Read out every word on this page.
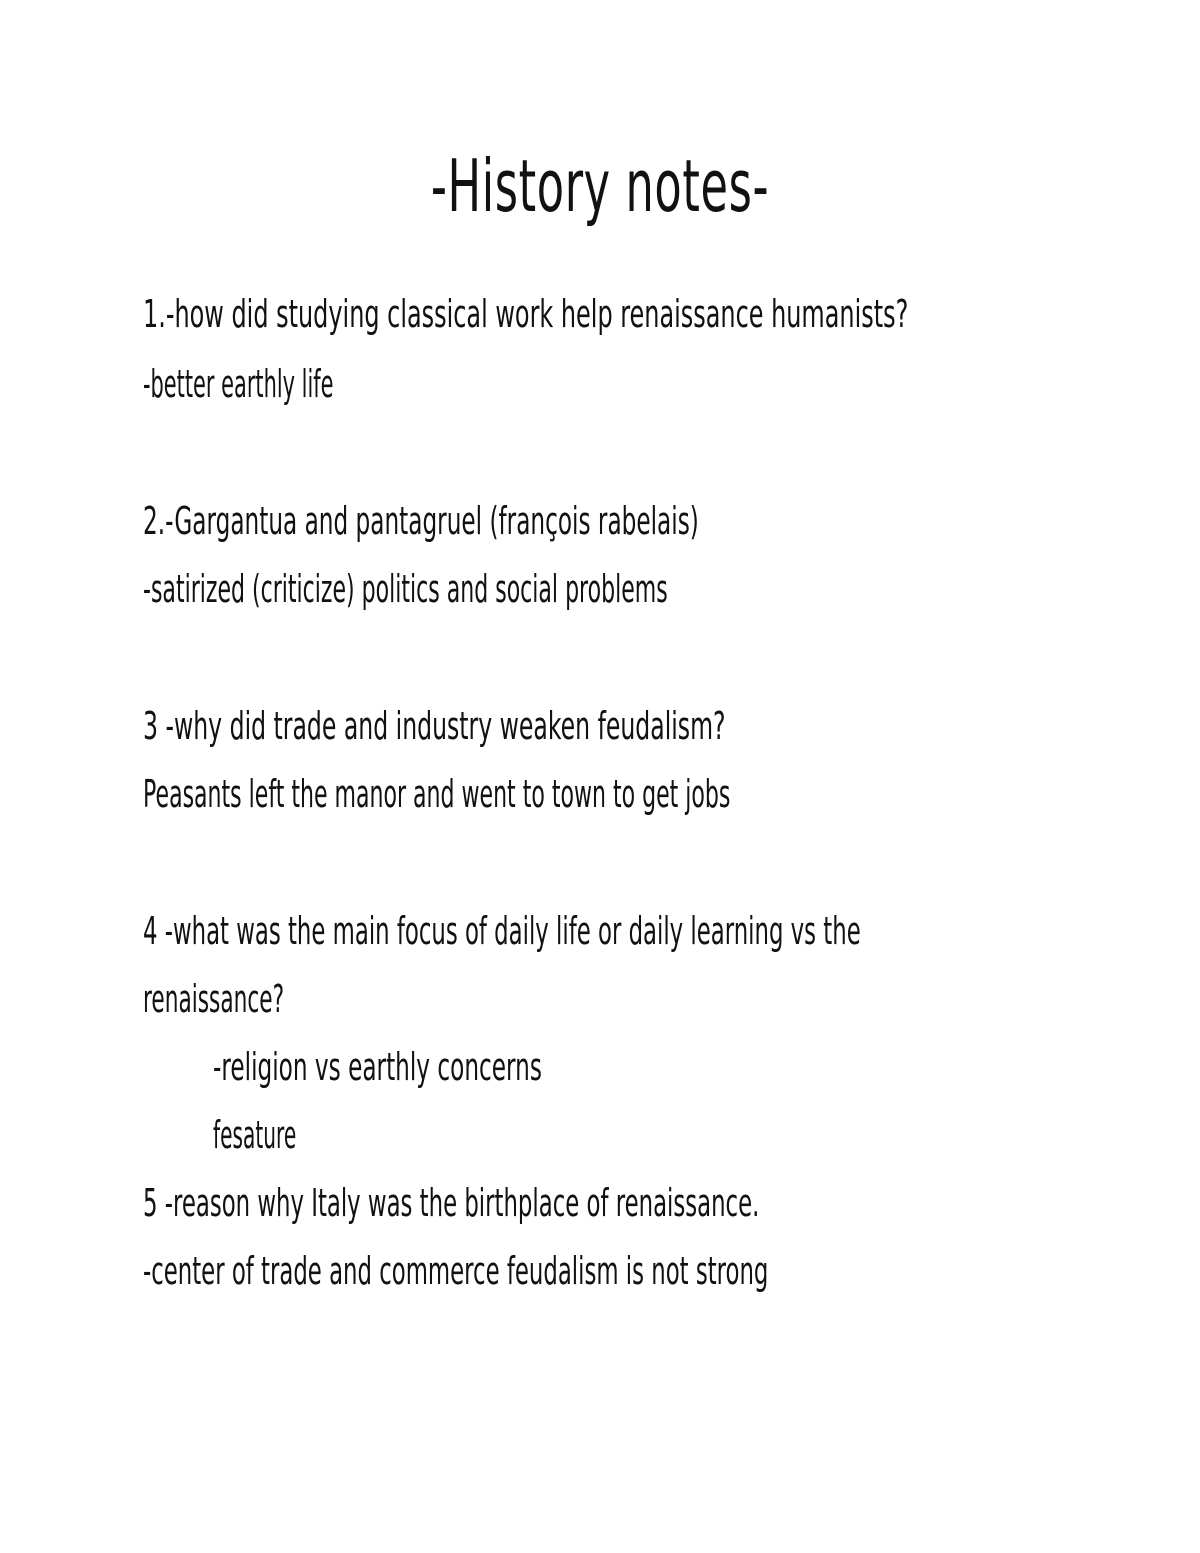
-History notes-
1.-how did studying classical work help renaissance humanists?
-better earthly life
2.-Gargantua and pantagruel (françois rabelais)
-satirized (criticize) politics and social problems
3 -why did trade and industry weaken feudalism?
Peasants left the manor and went to town to get jobs
4 -what was the main focus of daily life or daily learning vs the
renaissance?
-religion vs earthly concerns
fesature
5 -reason why Italy was the birthplace of renaissance.
-center of trade and commerce feudalism is not strong
